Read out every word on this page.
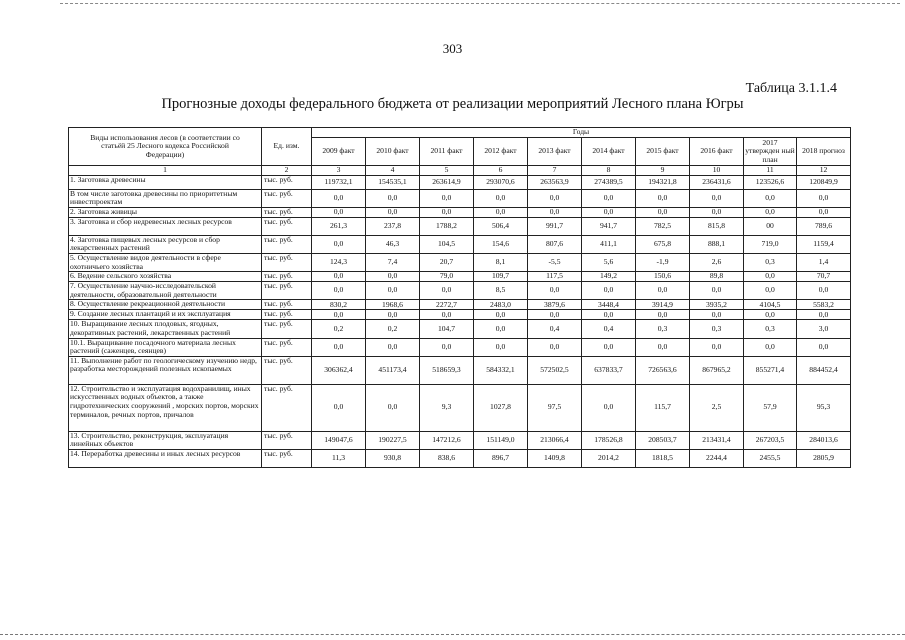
303
Таблица 3.1.1.4
Прогнозные доходы федерального бюджета от реализации мероприятий Лесного плана Югры
Виды использования лесов (в соответствии со статьёй 25 Лесного кодекса Российской Федерации)	Ед. изм.	Годы									
		2009 факт	2010 факт	2011 факт	2012 факт	2013 факт	2014 факт	2015 факт	2016 факт	2017 утвержден ный план	2018 прогноз
1	2	3	4	5	6	7	8	9	10	11	12
1. Заготовка древесины	тыс. руб.	119732,1	154535,1	263614,9	293070,6	263563,9	274389,5	194321,8	236431,6	123526,6	120849,9
В том числе заготовка древесины по приоритетным инвестпроектам	тыс. руб.	0,0	0,0	0,0	0,0	0,0	0,0	0,0	0,0	0,0	0,0
2. Заготовка живицы	тыс. руб.	0,0	0,0	0,0	0,0	0,0	0,0	0,0	0,0	0,0	0,0
3. Заготовка и сбор недревесных лесных ресурсов	тыс. руб.	261,3	237,8	1788,2	506,4	991,7	941,7	782,5	815,8	00	789,6
4. Заготовка пищевых лесных ресурсов и сбор лекарственных растений	тыс. руб.	0,0	46,3	104,5	154,6	807,6	411,1	675,8	888,1	719,0	1159,4
5. Осуществление видов деятельности в сфере охотничьего хозяйства	тыс. руб.	124,3	7,4	20,7	8,1	-5,5	5,6	-1,9	2,6	0,3	1,4
6. Ведение сельского хозяйства	тыс. руб.	0,0	0,0	79,0	109,7	117,5	149,2	150,6	89,8	0,0	70,7
7. Осуществление научно-исследовательской деятельности, образовательной деятельности	тыс. руб.	0,0	0,0	0,0	8,5	0,0	0,0	0,0	0,0	0,0	0,0
8. Осуществление рекреационной деятельности	тыс. руб.	830,2	1968,6	2272,7	2483,0	3879,6	3448,4	3914,9	3935,2	4104,5	5583,2
9. Создание лесных плантаций и их эксплуатация	тыс. руб.	0,0	0,0	0,0	0,0	0,0	0,0	0,0	0,0	0,0	0,0
10. Выращивание лесных плодовых, ягодных, декоративных растений, лекарственных растений	тыс. руб.	0,2	0,2	104,7	0,0	0,4	0,4	0,3	0,3	0,3	3,0
10.1. Выращивание посадочного материала лесных растений (саженцев, сеянцев)	тыс. руб.	0,0	0,0	0,0	0,0	0,0	0,0	0,0	0,0	0,0	0,0
11. Выполнение работ по геологическому изучению недр, разработка месторождений полезных ископаемых	тыс. руб.	306362,4	451173,4	518659,3	584332,1	572502,5	637833,7	726563,6	867965,2	855271,4	884452,4
12. Строительство и эксплуатация водохранилищ, иных искусственных водных объектов, а также гидротехнических сооружений , морских портов, морских терминалов, речных портов, причалов	тыс. руб.	0,0	0,0	9,3	1027,8	97,5	0,0	115,7	2,5	57,9	95,3
13. Строительство, реконструкция, эксплуатация линейных объектов	тыс. руб.	149047,6	190227,5	147212,6	151149,0	213066,4	178526,8	208503,7	213431,4	267203,5	284013,6
14. Переработка древесины и иных лесных ресурсов	тыс. руб.	11,3	930,8	838,6	896,7	1409,8	2014,2	1818,5	2244,4	2455,5	2805,9
